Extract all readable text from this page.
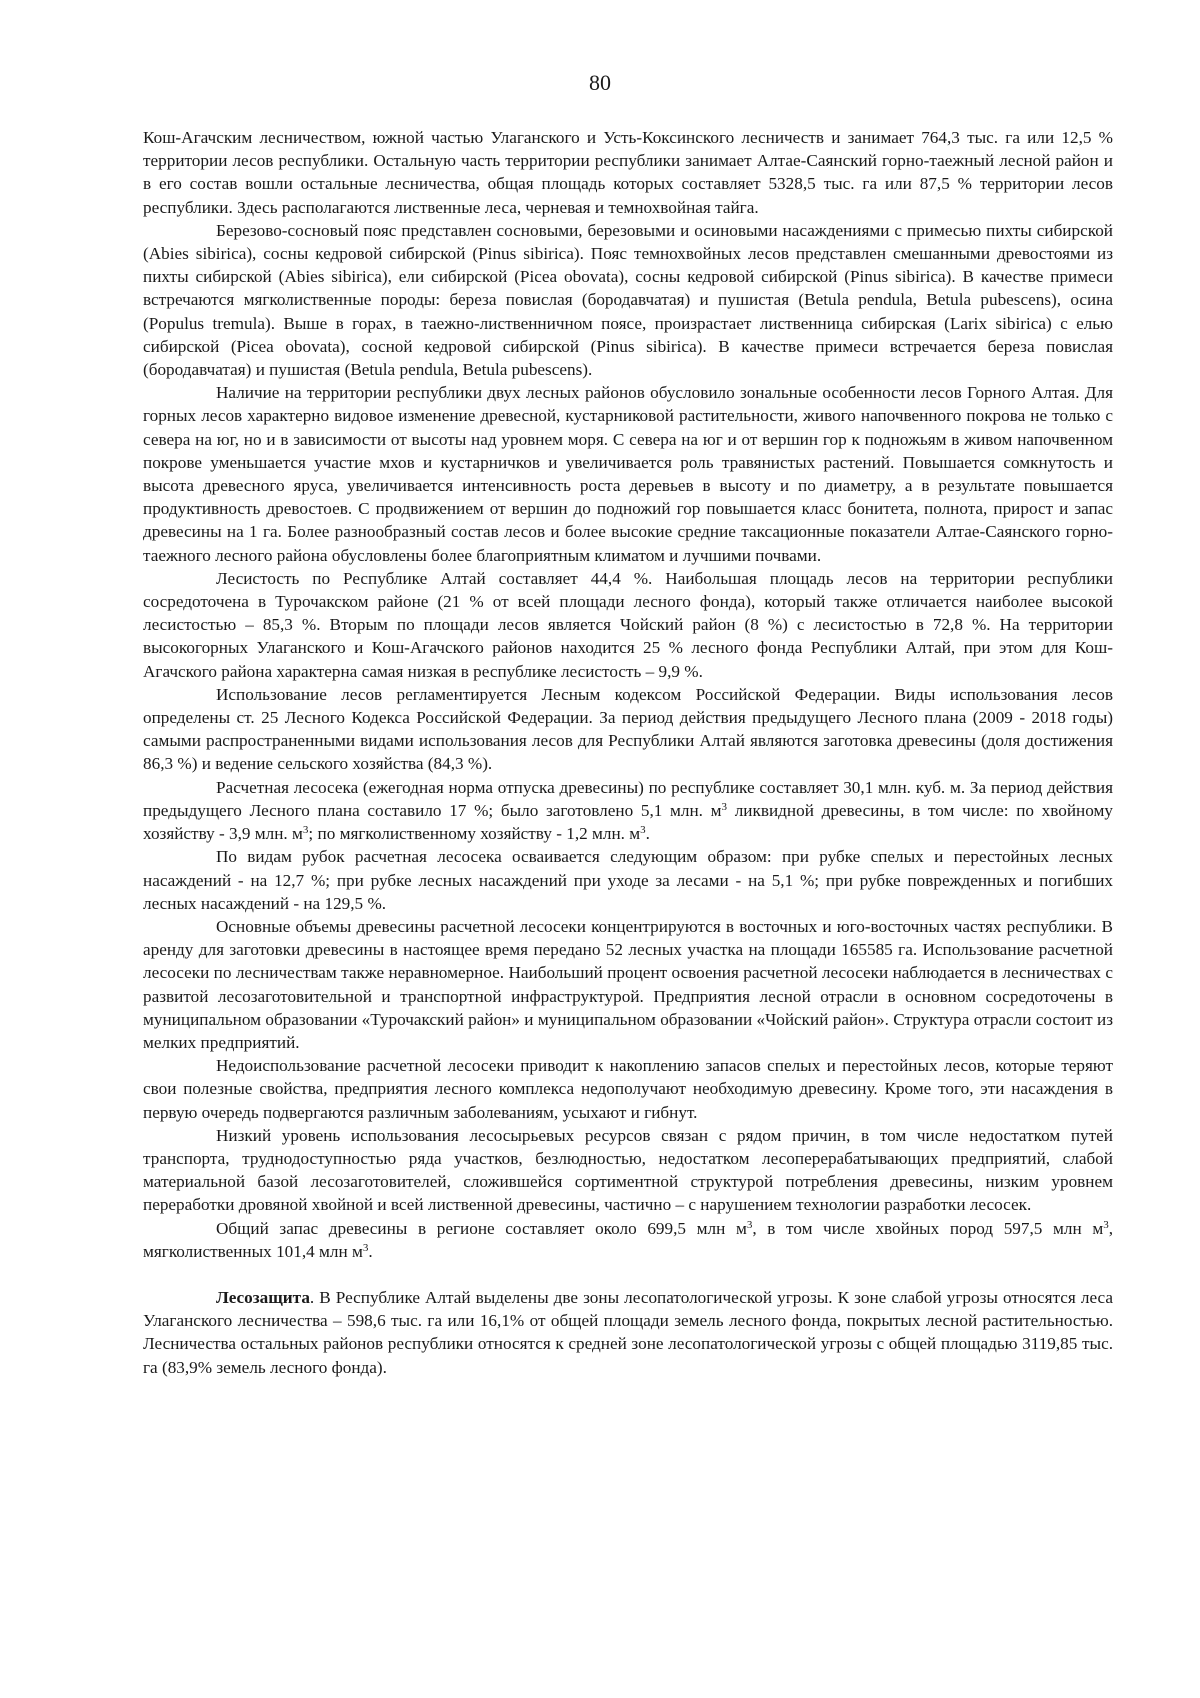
80

Кош-Агачским лесничеством, южной частью Улаганского и Усть-Коксинского лесничеств и занимает 764,3 тыс. га или 12,5 % территории лесов республики. Остальную часть территории республики занимает Алтае-Саянский горно-таежный лесной район и в его состав вошли остальные лесничества, общая площадь которых составляет 5328,5 тыс. га или 87,5 % территории лесов республики. Здесь располагаются лиственные леса, черневая и темнохвойная тайга.

Березово-сосновый пояс представлен сосновыми, березовыми и осиновыми насаждениями с примесью пихты сибирской (Abies sibirica), сосны кедровой сибирской (Pinus sibirica). Пояс темнохвойных лесов представлен смешанными древостоями из пихты сибирской (Abies sibirica), ели сибирской (Picea obovata), сосны кедровой сибирской (Pinus sibirica). В качестве примеси встречаются мягколиственные породы: береза повислая (бородавчатая) и пушистая (Betula pendula, Betula pubescens), осина (Populus tremula). Выше в горах, в таежно-лиственничном поясе, произрастает лиственница сибирская (Larix sibirica) с елью сибирской (Picea obovata), сосной кедровой сибирской (Pinus sibirica). В качестве примеси встречается береза повислая (бородавчатая) и пушистая (Betula pendula, Betula pubescens).

Наличие на территории республики двух лесных районов обусловило зональные особенности лесов Горного Алтая. Для горных лесов характерно видовое изменение древесной, кустарниковой растительности, живого напочвенного покрова не только с севера на юг, но и в зависимости от высоты над уровнем моря. С севера на юг и от вершин гор к подножьям в живом напочвенном покрове уменьшается участие мхов и кустарничков и увеличивается роль травянистых растений. Повышается сомкнутость и высота древесного яруса, увеличивается интенсивность роста деревьев в высоту и по диаметру, а в результате повышается продуктивность древостоев. С продвижением от вершин до подножий гор повышается класс бонитета, полнота, прирост и запас древесины на 1 га. Более разнообразный состав лесов и более высокие средние таксационные показатели Алтае-Саянского горно-таежного лесного района обусловлены более благоприятным климатом и лучшими почвами.

Лесистость по Республике Алтай составляет 44,4 %. Наибольшая площадь лесов на территории республики сосредоточена в Турочакском районе (21 % от всей площади лесного фонда), который также отличается наиболее высокой лесистостью – 85,3 %. Вторым по площади лесов является Чойский район (8 %) с лесистостью в 72,8 %. На территории высокогорных Улаганского и Кош-Агачского районов находится 25 % лесного фонда Республики Алтай, при этом для Кош-Агачского района характерна самая низкая в республике лесистость – 9,9 %.

Использование лесов регламентируется Лесным кодексом Российской Федерации. Виды использования лесов определены ст. 25 Лесного Кодекса Российской Федерации. За период действия предыдущего Лесного плана (2009 - 2018 годы) самыми распространенными видами использования лесов для Республики Алтай являются заготовка древесины (доля достижения 86,3 %) и ведение сельского хозяйства (84,3 %).

Расчетная лесосека (ежегодная норма отпуска древесины) по республике составляет 30,1 млн. куб. м. За период действия предыдущего Лесного плана составило 17 %; было заготовлено 5,1 млн. $м^3$ ликвидной древесины, в том числе: по хвойному хозяйству - 3,9 млн. $м^3$; по мягколиственному хозяйству - 1,2 млн. $м^3$.

По видам рубок расчетная лесосека осваивается следующим образом: при рубке спелых и перестойных лесных насаждений - на 12,7 %; при рубке лесных насаждений при уходе за лесами - на 5,1 %; при рубке поврежденных и погибших лесных насаждений - на 129,5 %.

Основные объемы древесины расчетной лесосеки концентрируются в восточных и юго-восточных частях республики. В аренду для заготовки древесины в настоящее время передано 52 лесных участка на площади 165585 га. Использование расчетной лесосеки по лесничествам также неравномерное. Наибольший процент освоения расчетной лесосеки наблюдается в лесничествах с развитой лесозаготовительной и транспортной инфраструктурой. Предприятия лесной отрасли в основном сосредоточены в муниципальном образовании «Турочакский район» и муниципальном образовании «Чойский район». Структура отрасли состоит из мелких предприятий.

Недоиспользование расчетной лесосеки приводит к накоплению запасов спелых и перестойных лесов, которые теряют свои полезные свойства, предприятия лесного комплекса недополучают необходимую древесину. Кроме того, эти насаждения в первую очередь подвергаются различным заболеваниям, усыхают и гибнут.

Низкий уровень использования лесосырьевых ресурсов связан с рядом причин, в том числе недостатком путей транспорта, труднодоступностью ряда участков, безлюдностью, недостатком лесоперерабатывающих предприятий, слабой материальной базой лесозаготовителей, сложившейся сортиментной структурой потребления древесины, низким уровнем переработки дровяной хвойной и всей лиственной древесины, частично – с нарушением технологии разработки лесосек.

Общий запас древесины в регионе составляет около 699,5 млн $м^3$, в том числе хвойных пород 597,5 млн $м^3$, мягколиственных 101,4 млн $м^3$.

Лесозащита. В Республике Алтай выделены две зоны лесопатологической угрозы. К зоне слабой угрозы относятся леса Улаганского лесничества – 598,6 тыс. га или 16,1% от общей площади земель лесного фонда, покрытых лесной растительностью. Лесничества остальных районов республики относятся к средней зоне лесопатологической угрозы с общей площадью 3119,85 тыс. га (83,9% земель лесного фонда).
